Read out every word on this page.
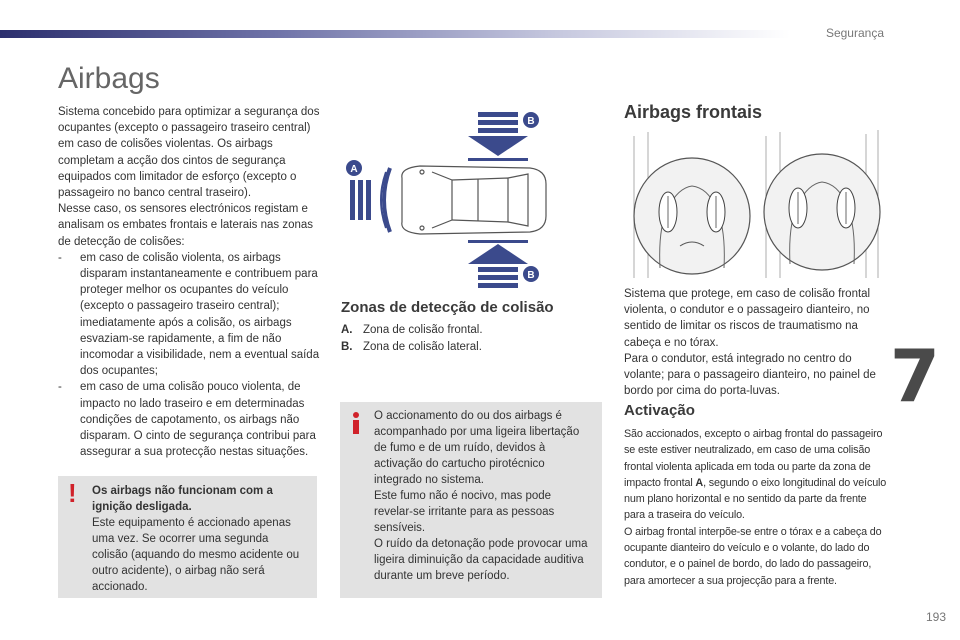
Segurança
Airbags

Sistema concebido para optimizar a segurança dos ocupantes (excepto o passageiro traseiro central) em caso de colisões violentas. Os airbags completam a acção dos cintos de segurança equipados com limitador de esforço (excepto o passageiro no banco central traseiro).

Nesse caso, os sensores electrónicos registam e analisam os embates frontais e laterais nas zonas de detecção de colisões:

-	em caso de colisão violenta, os airbags disparam instantaneamente e contribuem para proteger melhor os ocupantes do veículo (excepto o passageiro traseiro central); imediatamente após a colisão, os airbags esvaziam-se rapidamente, a fim de não incomodar a visibilidade, nem a eventual saída dos ocupantes;
-	em caso de uma colisão pouco violenta, de impacto no lado traseiro e em determinadas condições de capotamento, os airbags não disparam. O cinto de segurança contribui para assegurar a sua protecção nestas situações.
! Os airbags não funcionam com a ignição desligada.
Este equipamento é accionado apenas uma vez. Se ocorrer uma segunda colisão (aquando do mesmo acidente ou outro acidente), o airbag não será accionado.
B
A
B
Zonas de detecção de colisão
A. Zona de colisão frontal.
B. Zona de colisão lateral.
O accionamento do ou dos airbags é acompanhado por uma ligeira libertação de fumo e de um ruído, devidos à activação do cartucho pirotécnico integrado no sistema.
Este fumo não é nocivo, mas pode revelar-se irritante para as pessoas sensíveis.
O ruído da detonação pode provocar uma ligeira diminuição da capacidade auditiva durante um breve período.
Airbags frontais
Sistema que protege, em caso de colisão frontal violenta, o condutor e o passageiro dianteiro, no sentido de limitar os riscos de traumatismo na cabeça e no tórax.
Para o condutor, está integrado no centro do volante; para o passageiro dianteiro, no painel de bordo por cima do porta-luvas.
Activação
São accionados, excepto o airbag frontal do passageiro se este estiver neutralizado, em caso de uma colisão frontal violenta aplicada em toda ou parte da zona de impacto frontal A, segundo o eixo longitudinal do veículo num plano horizontal e no sentido da parte da frente para a traseira do veículo.
O airbag frontal interpõe-se entre o tórax e a cabeça do ocupante dianteiro do veículo e o volante, do lado do condutor, e o painel de bordo, do lado do passageiro, para amortecer a sua projecção para a frente.
7
193
